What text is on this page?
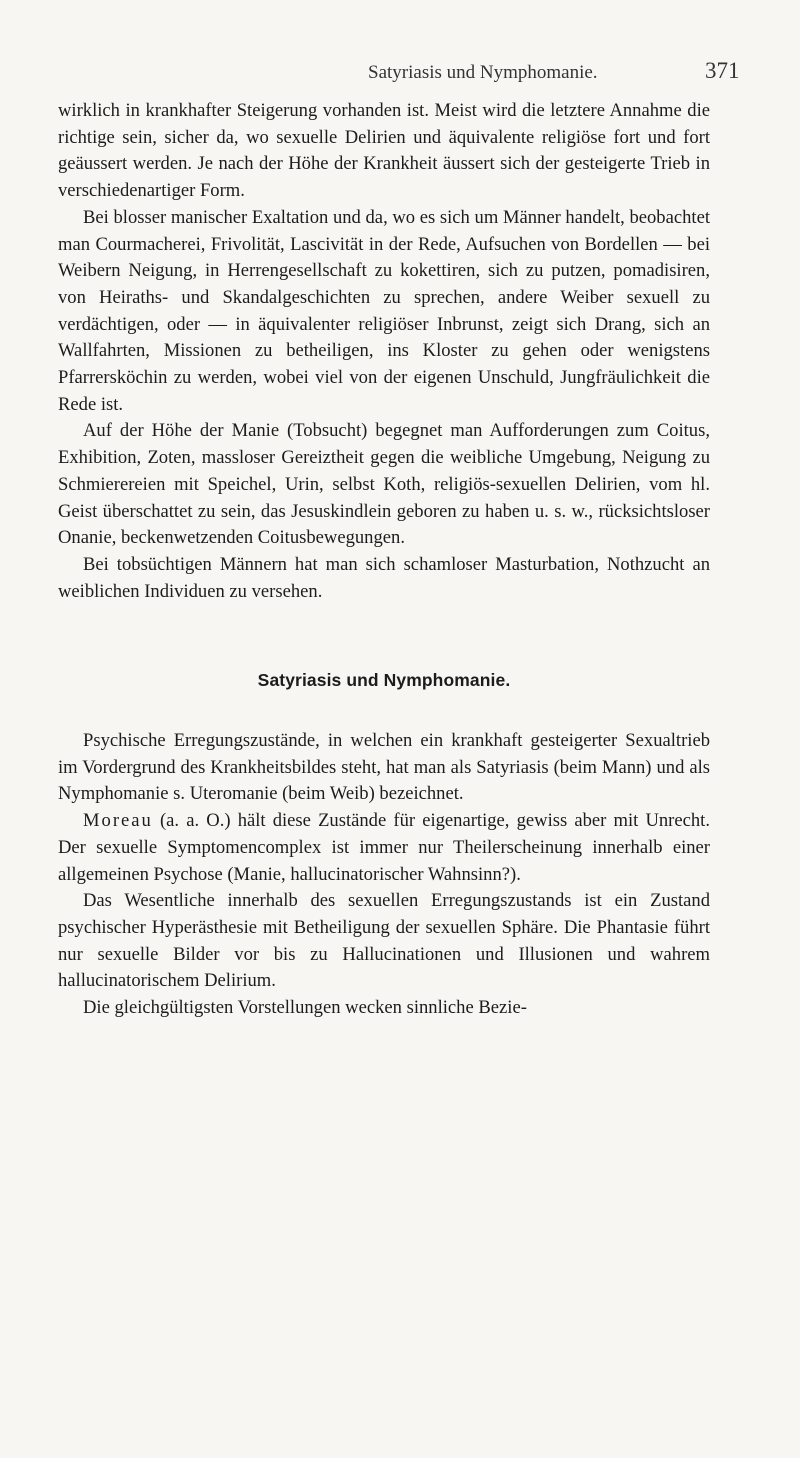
Satyriasis und Nymphomanie.	371

wirklich in krankhafter Steigerung vorhanden ist. Meist wird die letztere Annahme die richtige sein, sicher da, wo sexuelle Delirien und äquivalente religiöse fort und fort geäussert werden. Je nach der Höhe der Krankheit äussert sich der gesteigerte Trieb in verschiedenartiger Form.

Bei blosser manischer Exaltation und da, wo es sich um Männer handelt, beobachtet man Courmacherei, Frivolität, Lascivität in der Rede, Aufsuchen von Bordellen — bei Weibern Neigung, in Herrengesellschaft zu kokettiren, sich zu putzen, pomadisiren, von Heiraths- und Skandalgeschichten zu sprechen, andere Weiber sexuell zu verdächtigen, oder — in äquivalenter religiöser Inbrunst, zeigt sich Drang, sich an Wallfahrten, Missionen zu betheiligen, ins Kloster zu gehen oder wenigstens Pfarrersköchin zu werden, wobei viel von der eigenen Unschuld, Jungfräulichkeit die Rede ist.

Auf der Höhe der Manie (Tobsucht) begegnet man Aufforderungen zum Coitus, Exhibition, Zoten, massloser Gereiztheit gegen die weibliche Umgebung, Neigung zu Schmierereien mit Speichel, Urin, selbst Koth, religiös-sexuellen Delirien, vom hl. Geist überschattet zu sein, das Jesuskindlein geboren zu haben u. s. w., rücksichtsloser Onanie, beckenwetzenden Coitusbewegungen.

Bei tobsüchtigen Männern hat man sich schamloser Masturbation, Nothzucht an weiblichen Individuen zu versehen.

Satyriasis und Nymphomanie.

Psychische Erregungszustände, in welchen ein krankhaft gesteigerter Sexualtrieb im Vordergrund des Krankheitsbildes steht, hat man als Satyriasis (beim Mann) und als Nymphomanie s. Uteromanie (beim Weib) bezeichnet.

Moreau (a. a. O.) hält diese Zustände für eigenartige, gewiss aber mit Unrecht. Der sexuelle Symptomencomplex ist immer nur Theilerscheinung innerhalb einer allgemeinen Psychose (Manie, hallucinatorischer Wahnsinn?).

Das Wesentliche innerhalb des sexuellen Erregungszustands ist ein Zustand psychischer Hyperästhesie mit Betheiligung der sexuellen Sphäre. Die Phantasie führt nur sexuelle Bilder vor bis zu Hallucinationen und Illusionen und wahrem hallucinatorischem Delirium.

Die gleichgültigsten Vorstellungen wecken sinnliche Bezie-
